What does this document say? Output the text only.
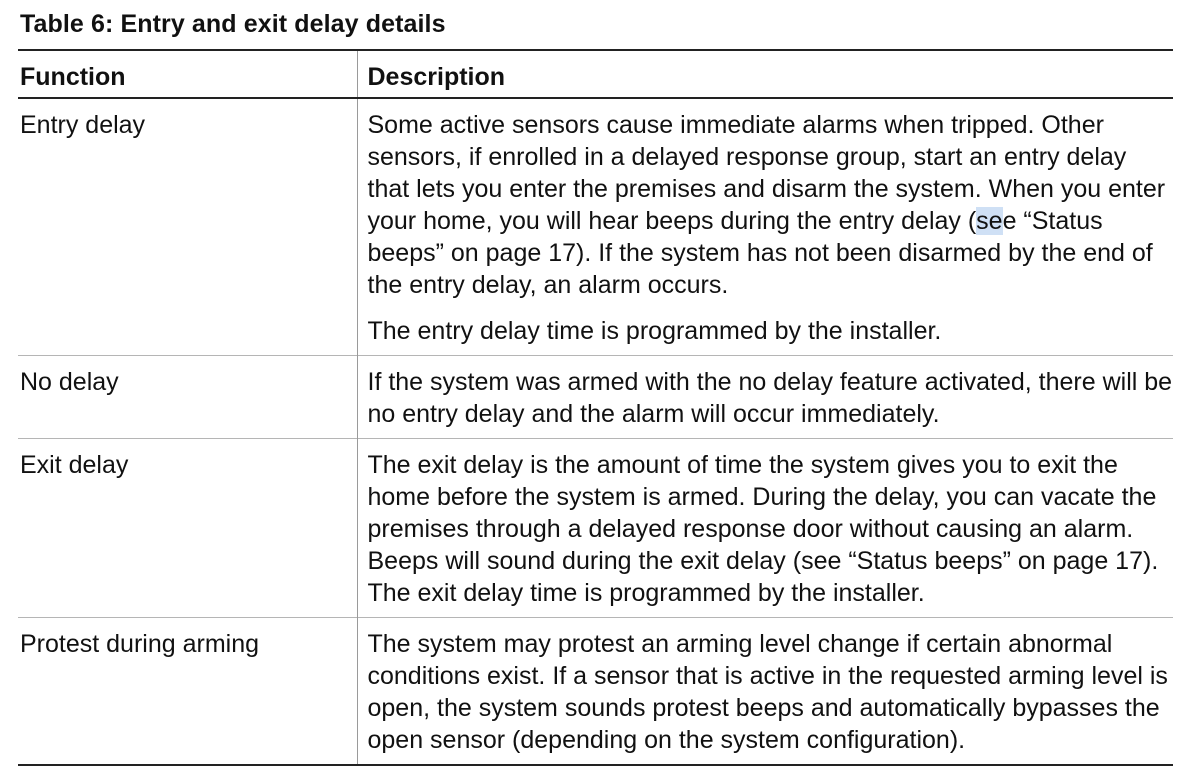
Table 6: Entry and exit delay details
Function	Description
Entry delay	Some active sensors cause immediate alarms when tripped. Other sensors, if enrolled in a delayed response group, start an entry delay that lets you enter the premises and disarm the system. When you enter your home, you will hear beeps during the entry delay (see “Status beeps” on page 17). If the system has not been disarmed by the end of the entry delay, an alarm occurs.

The entry delay time is programmed by the installer.

No delay	If the system was armed with the no delay feature activated, there will be no entry delay and the alarm will occur immediately.

Exit delay	The exit delay is the amount of time the system gives you to exit the home before the system is armed. During the delay, you can vacate the premises through a delayed response door without causing an alarm. Beeps will sound during the exit delay (see “Status beeps” on page 17). The exit delay time is programmed by the installer.

Protest during arming	The system may protest an arming level change if certain abnormal conditions exist. If a sensor that is active in the requested arming level is open, the system sounds protest beeps and automatically bypasses the open sensor (depending on the system configuration).
